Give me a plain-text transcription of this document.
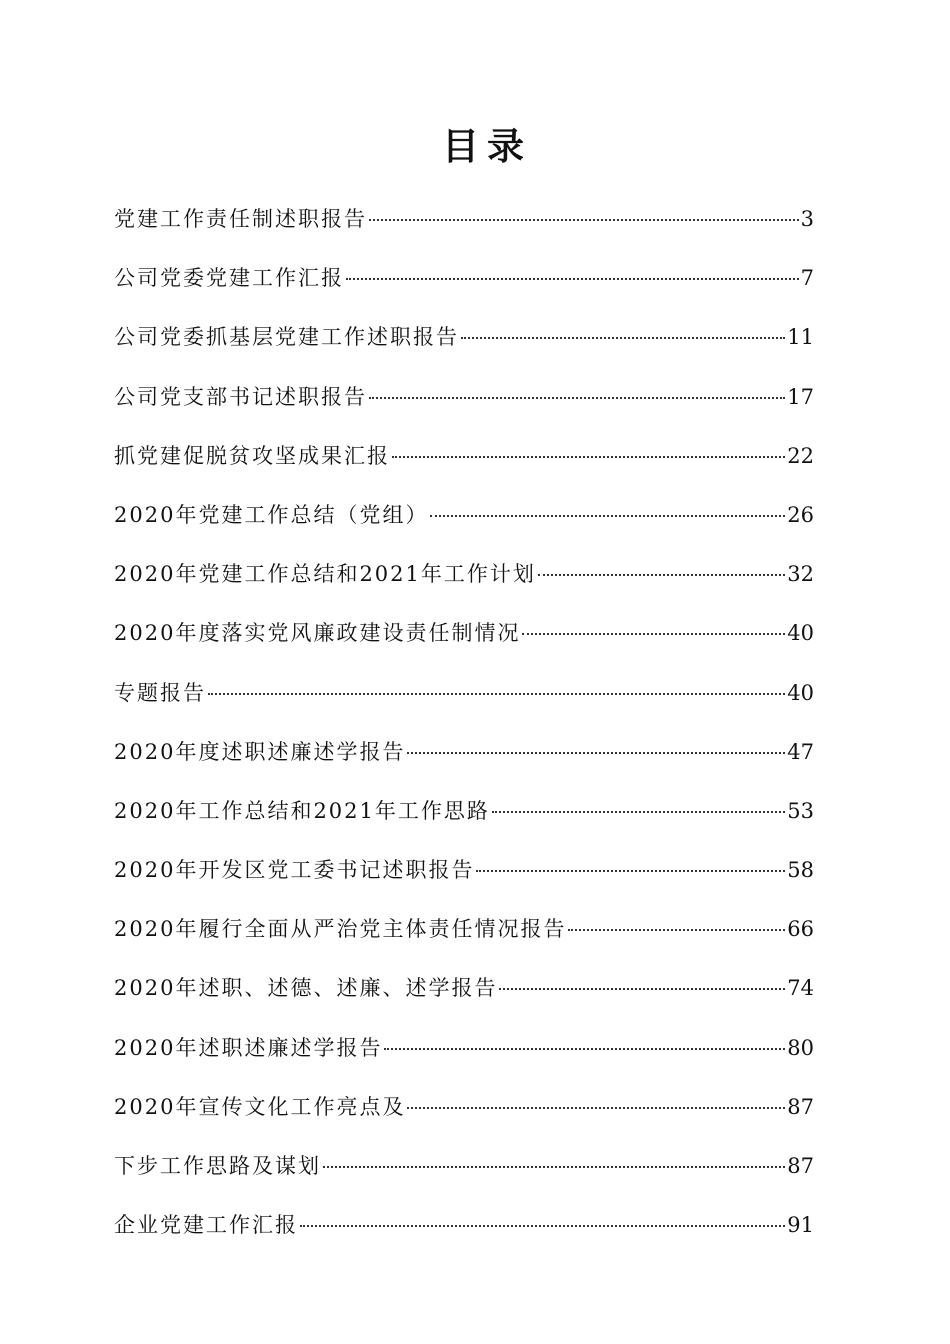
目录
党建工作责任制述职报告	3
公司党委党建工作汇报	7
公司党委抓基层党建工作述职报告	11
公司党支部书记述职报告	17
抓党建促脱贫攻坚成果汇报	22
2020年党建工作总结（党组）	26
2020年党建工作总结和2021年工作计划	32
2020年度落实党风廉政建设责任制情况	40
专题报告	40
2020年度述职述廉述学报告	47
2020年工作总结和2021年工作思路	53
2020年开发区党工委书记述职报告	58
2020年履行全面从严治党主体责任情况报告	66
2020年述职、述德、述廉、述学报告	74
2020年述职述廉述学报告	80
2020年宣传文化工作亮点及	87
下步工作思路及谋划	87
企业党建工作汇报	91
